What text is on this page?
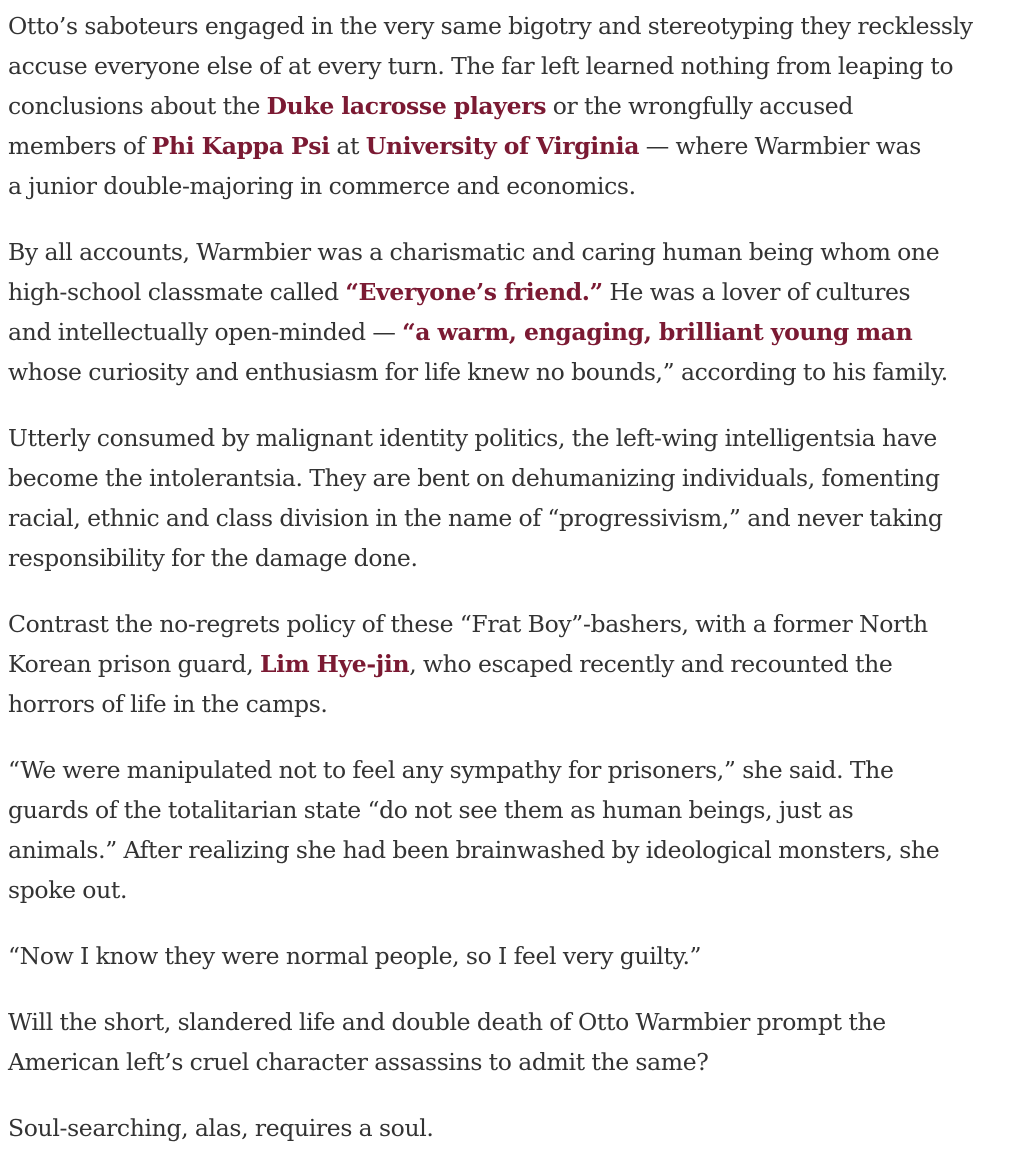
Otto’s saboteurs engaged in the very same bigotry and stereotyping they recklessly
accuse everyone else of at every turn. The far left learned nothing from leaping to
conclusions about the Duke lacrosse players or the wrongfully accused
members of Phi Kappa Psi at University of Virginia — where Warmbier was
a junior double-majoring in commerce and economics.

By all accounts, Warmbier was a charismatic and caring human being whom one
high-school classmate called “Everyone’s friend.” He was a lover of cultures
and intellectually open-minded — “a warm, engaging, brilliant young man
whose curiosity and enthusiasm for life knew no bounds,” according to his family.

Utterly consumed by malignant identity politics, the left-wing intelligentsia have
become the intolerantsia. They are bent on dehumanizing individuals, fomenting
racial, ethnic and class division in the name of “progressivism,” and never taking
responsibility for the damage done.

Contrast the no-regrets policy of these “Frat Boy”-bashers, with a former North
Korean prison guard, Lim Hye-jin, who escaped recently and recounted the
horrors of life in the camps.

“We were manipulated not to feel any sympathy for prisoners,” she said. The
guards of the totalitarian state “do not see them as human beings, just as
animals.” After realizing she had been brainwashed by ideological monsters, she
spoke out.

“Now I know they were normal people, so I feel very guilty.”

Will the short, slandered life and double death of Otto Warmbier prompt the
American left’s cruel character assassins to admit the same?

Soul-searching, alas, requires a soul.
